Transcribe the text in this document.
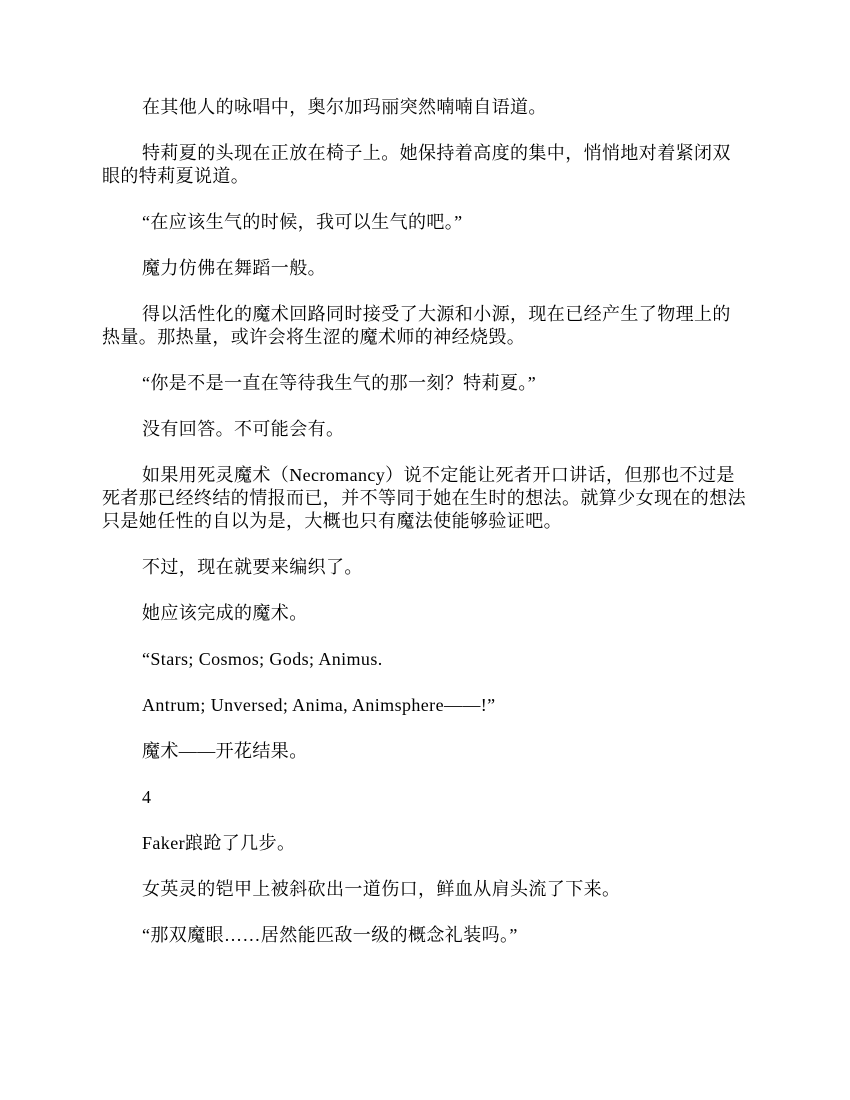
在其他人的咏唱中，奥尔加玛丽突然喃喃自语道。

特莉夏的头现在正放在椅子上。她保持着高度的集中，悄悄地对着紧闭双眼的特莉夏说道。

“在应该生气的时候，我可以生气的吧。”

魔力仿佛在舞蹈一般。

得以活性化的魔术回路同时接受了大源和小源，现在已经产生了物理上的热量。那热量，或许会将生涩的魔术师的神经烧毁。

“你是不是一直在等待我生气的那一刻？特莉夏。”

没有回答。不可能会有。

如果用死灵魔术（Necromancy）说不定能让死者开口讲话，但那也不过是死者那已经终结的情报而已，并不等同于她在生时的想法。就算少女现在的想法只是她任性的自以为是，大概也只有魔法使能够验证吧。

不过，现在就要来编织了。

她应该完成的魔术。

“Stars; Cosmos; Gods; Animus.

Antrum; Unversed; Anima, Animsphere——!”

魔术——开花结果。

4

Faker踉跄了几步。

女英灵的铠甲上被斜砍出一道伤口，鲜血从肩头流了下来。

“那双魔眼……居然能匹敌一级的概念礼装吗。”
